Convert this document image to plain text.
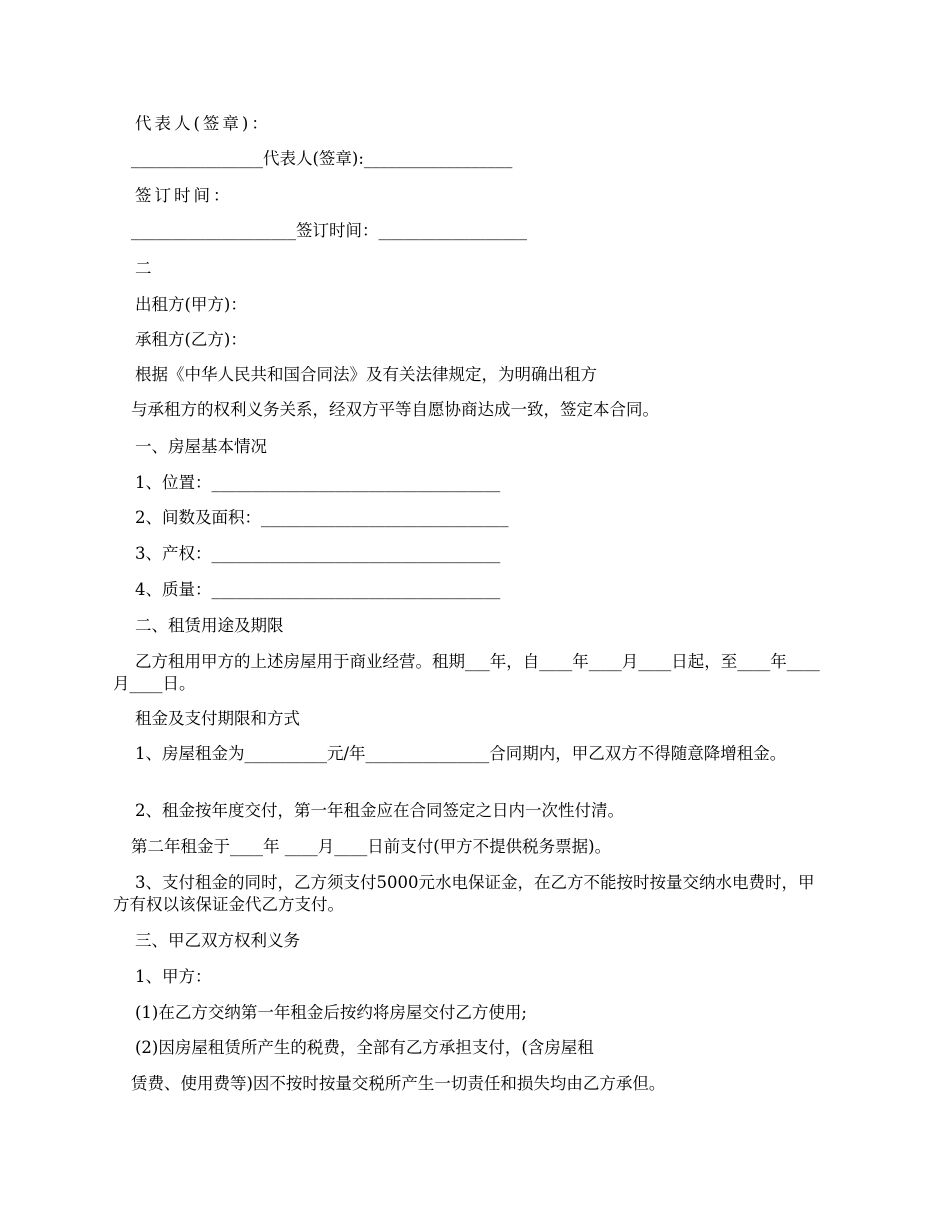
代表人(签章)：
________________代表人(签章):__________________
签订时间：
____________________签订时间：__________________
二
出租方(甲方)：
承租方(乙方)：
根据《中华人民共和国合同法》及有关法律规定，为明确出租方
与承租方的权利义务关系，经双方平等自愿协商达成一致，签定本合同。
一、房屋基本情况
1、位置：___________________________________
2、间数及面积：______________________________
3、产权：___________________________________
4、质量：___________________________________
二、租赁用途及期限
乙方租用甲方的上述房屋用于商业经营。租期___年，自____年____月____日起，至____年____月____日。
租金及支付期限和方式
1、房屋租金为__________元/年_______________合同期内，甲乙双方不得随意降增租金。
2、租金按年度交付，第一年租金应在合同签定之日内一次性付清。
第二年租金于____年 ____月____日前支付(甲方不提供税务票据)。
3、支付租金的同时，乙方须支付5000元水电保证金，在乙方不能按时按量交纳水电费时，甲方有权以该保证金代乙方支付。
三、甲乙双方权利义务
1、甲方：
(1)在乙方交纳第一年租金后按约将房屋交付乙方使用;
(2)因房屋租赁所产生的税费，全部有乙方承担支付，(含房屋租
赁费、使用费等)因不按时按量交税所产生一切责任和损失均由乙方承但。
